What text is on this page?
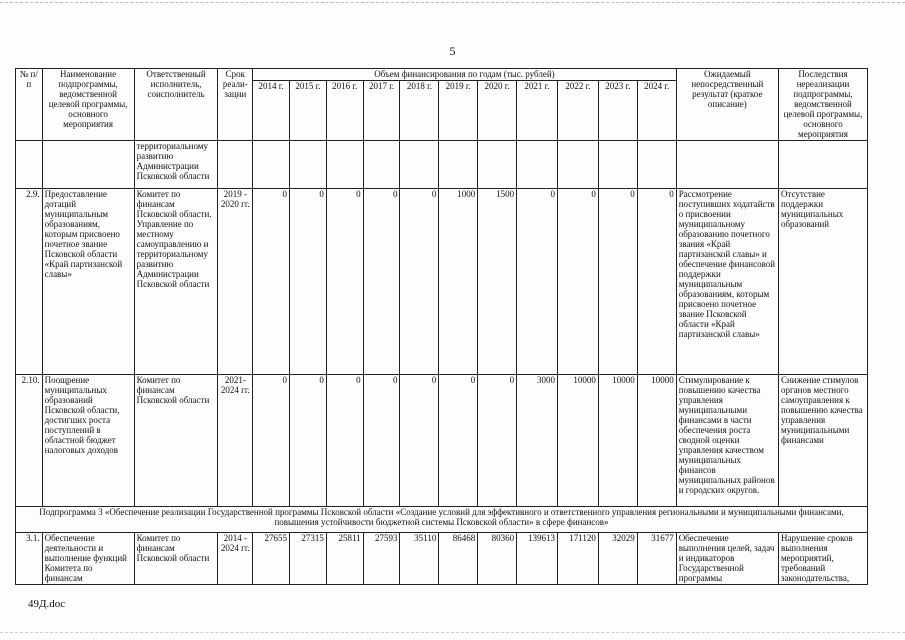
5
№ п/п	Наименование подпрограммы, ведомственной целевой программы, основного мероприятия	Ответственный исполнитель, соисполнитель	Срок реали-зации	Объем финансирования по годам (тыс. рублей)											Ожидаемый непосредственный результат (краткое описание)	Последствия нереализации подпрограммы, ведомственной целевой программы, основного мероприятия
				2014 г.	2015 г.	2016 г.	2017 г.	2018 г.	2019 г.	2020 г.	2021 г.	2022 г.	2023 г.	2024 г.		
		территориальному развитию Администрации Псковской области														
2.9.	Предоставление дотаций муниципальным образованиям, которым присвоено почетное звание Псковской области «Край партизанской славы»	Комитет по финансам Псковской области. Управление по местному самоуправлению и территориальному развитию Администрации Псковской области	2019 - 2020 гг.	0	0	0	0	0	1000	1500	0	0	0	0	Рассмотрение поступивших ходатайств о присвоении муниципальному образованию почетного звания «Край партизанской славы» и обеспечение финансовой поддержки муниципальным образованиям, которым присвоено почетное звание Псковской области «Край партизанской славы»	Отсутствие поддержки муниципальных образований
2.10.	Поощрение муниципальных образований Псковской области, достигших роста поступлений в областной бюджет налоговых доходов	Комитет по финансам Псковской области	2021- 2024 гг.	0	0	0	0	0	0	0	3000	10000	10000	10000	Стимулирование к повышению качества управления муниципальными финансами в части обеспечения роста сводной оценки управления качеством муниципальных финансов муниципальных районов и городских округов.	Снижение стимулов органов местного самоуправления к повышению качества управления муниципальными финансами
Подпрограмма 3 «Обеспечение реализации Государственной программы Псковской области «Создание условий для эффективного и ответственного управления региональными и муниципальными финансами, повышения устойчивости бюджетной системы Псковской области» в сфере финансов»																
3.1.	Обеспечение деятельности и выполнение функций Комитета по финансам	Комитет по финансам Псковской области	2014 - 2024 гг.	27655	27315	25811	27593	35110	86468	80360	139613	171120	32029	31677	Обеспечение выполнения целей, задач и индикаторов Государственной программы	Нарушение сроков выполнения мероприятий, требований законодательства,
49Д.doc
